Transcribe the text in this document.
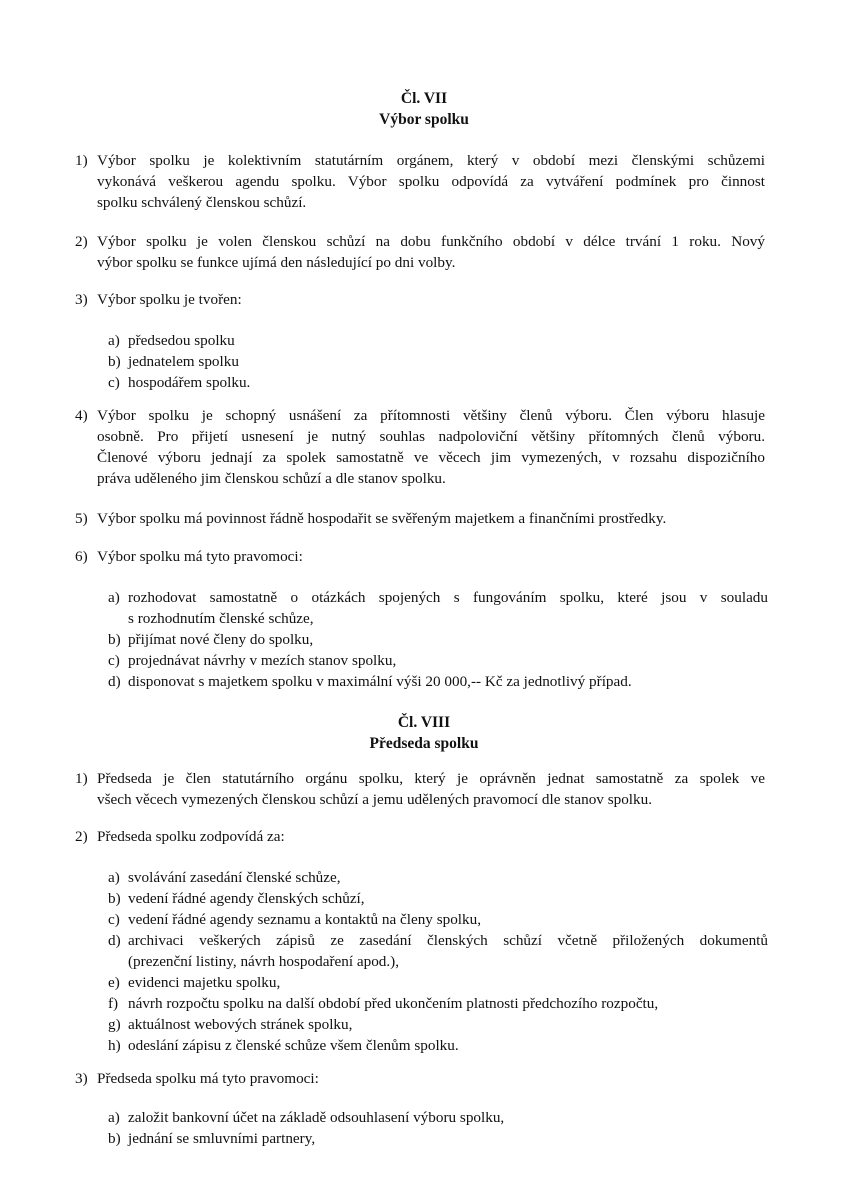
Čl. VII
Výbor spolku
1) Výbor spolku je kolektivním statutárním orgánem, který v období mezi členskými schůzemi
vykonává veškerou agendu spolku. Výbor spolku odpovídá za vytváření podmínek pro činnost
spolku schválený členskou schůzí.
2) Výbor spolku je volen členskou schůzí na dobu funkčního období v délce trvání 1 roku. Nový
výbor spolku se funkce ujímá den následující po dni volby.
3) Výbor spolku je tvořen:
a) předsedou spolku
b) jednatelem spolku
c) hospodářem spolku.
4) Výbor spolku je schopný usnášení za přítomnosti většiny členů výboru. Člen výboru hlasuje
osobně. Pro přijetí usnesení je nutný souhlas nadpoloviční většiny přítomných členů výboru.
Členové výboru jednají za spolek samostatně ve věcech jim vymezených, v rozsahu dispozičního
práva uděleného jim členskou schůzí a dle stanov spolku.
5) Výbor spolku má povinnost řádně hospodařit se svěřeným majetkem a finančními prostředky.
6) Výbor spolku má tyto pravomoci:
a) rozhodovat samostatně o otázkách spojených s fungováním spolku, které jsou v souladu
s rozhodnutím členské schůze,
b) přijímat nové členy do spolku,
c) projednávat návrhy v mezích stanov spolku,
d) disponovat s majetkem spolku v maximální výši 20 000,-- Kč za jednotlivý případ.
Čl. VIII
Předseda spolku
1) Předseda je člen statutárního orgánu spolku, který je oprávněn jednat samostatně za spolek ve
všech věcech vymezených členskou schůzí a jemu udělených pravomocí dle stanov spolku.
2) Předseda spolku zodpovídá za:
a) svolávání zasedání členské schůze,
b) vedení řádné agendy členských schůzí,
c) vedení řádné agendy seznamu a kontaktů na členy spolku,
d) archivaci veškerých zápisů ze zasedání členských schůzí včetně přiložených dokumentů
(prezenční listiny, návrh hospodaření apod.),
e) evidenci majetku spolku,
f) návrh rozpočtu spolku na další období před ukončením platnosti předchozího rozpočtu,
g) aktuálnost webových stránek spolku,
h) odeslání zápisu z členské schůze všem členům spolku.
3) Předseda spolku má tyto pravomoci:
a) založit bankovní účet na základě odsouhlasení výboru spolku,
b) jednání se smluvními partnery,
